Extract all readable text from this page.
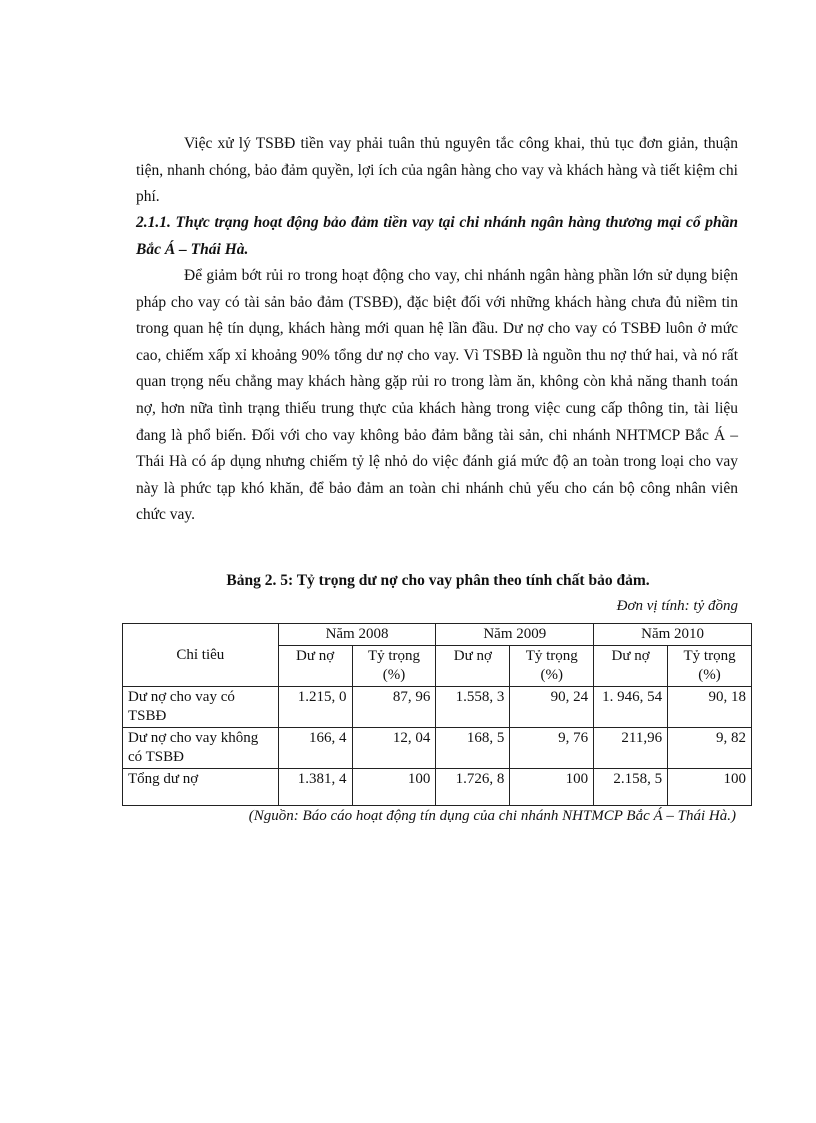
Việc xử lý TSBĐ tiền vay phải tuân thủ nguyên tắc công khai, thủ tục đơn giản, thuận tiện, nhanh chóng, bảo đảm quyền, lợi ích của ngân hàng cho vay và khách hàng và tiết kiệm chi phí.

2.1.1. Thực trạng hoạt động bảo đảm tiền vay tại chi nhánh ngân hàng thương mại cổ phần Bắc Á – Thái Hà.

Để giảm bớt rủi ro trong hoạt động cho vay, chi nhánh ngân hàng phần lớn sử dụng biện pháp cho vay có tài sản bảo đảm (TSBĐ), đặc biệt đối với những khách hàng chưa đủ niềm tin trong quan hệ tín dụng, khách hàng mới quan hệ lần đầu. Dư nợ cho vay có TSBĐ luôn ở mức cao, chiếm xấp xỉ khoảng 90% tổng dư nợ cho vay. Vì TSBĐ là nguồn thu nợ thứ hai, và nó rất quan trọng nếu chẳng may khách hàng gặp rủi ro trong làm ăn, không còn khả năng thanh toán nợ, hơn nữa tình trạng thiếu trung thực của khách hàng trong việc cung cấp thông tin, tài liệu đang là phổ biến. Đối với cho vay không bảo đảm bằng tài sản, chi nhánh NHTMCP Bắc Á – Thái Hà có áp dụng nhưng chiếm tỷ lệ nhỏ do việc đánh giá mức độ an toàn trong loại cho vay này là phức tạp khó khăn, để bảo đảm an toàn chi nhánh chủ yếu cho cán bộ công nhân viên chức vay.

Bảng 2. 5: Tỷ trọng dư nợ cho vay phân theo tính chất bảo đảm.

Đơn vị tính: tỷ đồng

Chỉ tiêu	Năm 2008		Năm 2009		Năm 2010	
	Dư nợ	Tỷ trọng (%)	Dư nợ	Tỷ trọng (%)	Dư nợ	Tỷ trọng (%)
Dư nợ cho vay có TSBĐ	1.215, 0	87, 96	1.558, 3	90, 24	1. 946, 54	90, 18
Dư nợ cho vay không có TSBĐ	166, 4	12, 04	168, 5	9, 76	211,96	9, 82
Tổng dư nợ	1.381, 4	100	1.726, 8	100	2.158, 5	100

(Nguồn: Báo cáo hoạt động tín dụng của chi nhánh NHTMCP Bắc Á – Thái Hà.)
